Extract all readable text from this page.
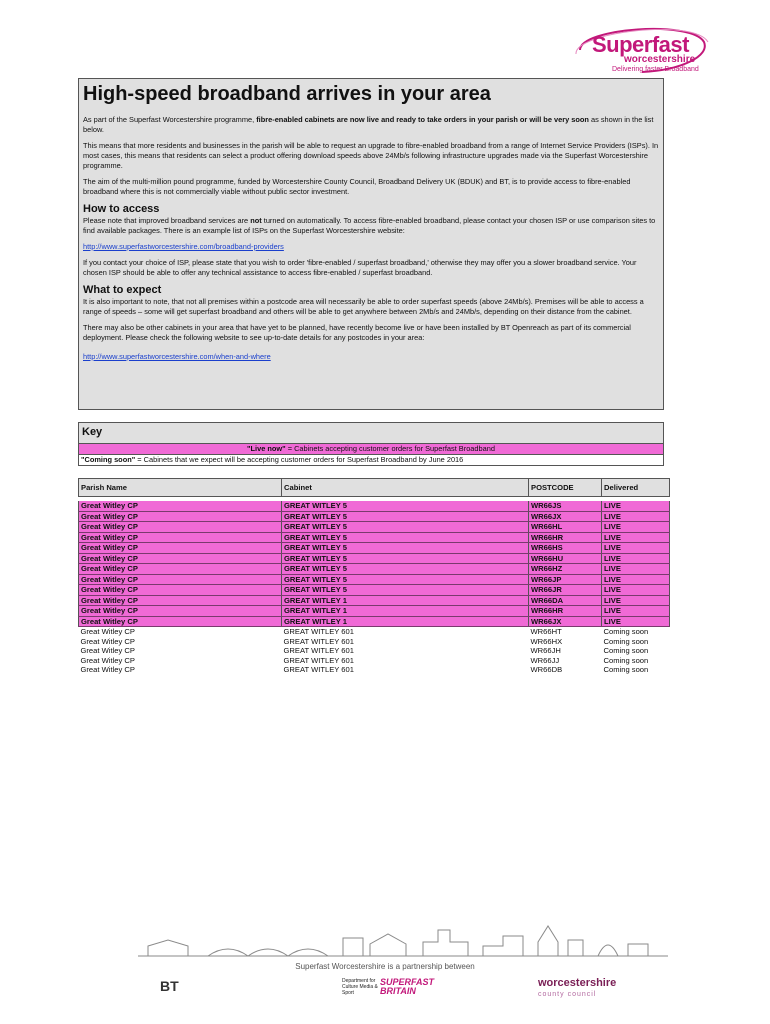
Superfast
worcestershire
Delivering faster Broadband
High-speed broadband arrives in your area

As part of the Superfast Worcestershire programme, fibre-enabled cabinets are now live and ready to take orders in your parish or will be very soon as shown in the list below.

This means that more residents and businesses in the parish will be able to request an upgrade to fibre-enabled broadband from a range of Internet Service Providers (ISPs). In most cases, this means that residents can select a product offering download speeds above 24Mb/s following infrastructure upgrades made via the Superfast Worcestershire programme.

The aim of the multi-million pound programme, funded by Worcestershire County Council, Broadband Delivery UK (BDUK) and BT, is to provide access to fibre-enabled broadband where this is not commercially viable without public sector investment.

How to access

Please note that improved broadband services are not turned on automatically. To access fibre-enabled broadband, please contact your chosen ISP or use comparison sites to find available packages. There is an example list of ISPs on the Superfast Worcestershire website:

http://www.superfastworcestershire.com/broadband-providers

If you contact your choice of ISP, please state that you wish to order 'fibre-enabled / superfast broadband,' otherwise they may offer you a slower broadband service. Your chosen ISP should be able to offer any technical assistance to access fibre-enabled / superfast broadband.

What to expect

It is also important to note, that not all premises within a postcode area will necessarily be able to order superfast speeds (above 24Mb/s). Premises will be able to access a range of speeds – some will get superfast broadband and others will be able to get anywhere between 2Mb/s and 24Mb/s, depending on their distance from the cabinet.

There may also be other cabinets in your area that have yet to be planned, have recently become live or have been installed by BT Openreach as part of its commercial deployment. Please check the following website to see up-to-date details for any postcodes in your area:

http://www.superfastworcestershire.com/when-and-where

Key
"Live now" = Cabinets accepting customer orders for Superfast Broadband
"Coming soon" = Cabinets that we expect will be accepting customer orders for Superfast Broadband by June 2016
Parish Name	Cabinet	POSTCODE	Delivered

Great Witley CP	GREAT WITLEY 5	WR66JS	LIVE
Great Witley CP	GREAT WITLEY 5	WR66JX	LIVE
Great Witley CP	GREAT WITLEY 5	WR66HL	LIVE
Great Witley CP	GREAT WITLEY 5	WR66HR	LIVE
Great Witley CP	GREAT WITLEY 5	WR66HS	LIVE
Great Witley CP	GREAT WITLEY 5	WR66HU	LIVE
Great Witley CP	GREAT WITLEY 5	WR66HZ	LIVE
Great Witley CP	GREAT WITLEY 5	WR66JP	LIVE
Great Witley CP	GREAT WITLEY 5	WR66JR	LIVE
Great Witley CP	GREAT WITLEY 1	WR66DA	LIVE
Great Witley CP	GREAT WITLEY 1	WR66HR	LIVE
Great Witley CP	GREAT WITLEY 1	WR66JX	LIVE
Great Witley CP	GREAT WITLEY 601	WR66HT	Coming soon
Great Witley CP	GREAT WITLEY 601	WR66HX	Coming soon
Great Witley CP	GREAT WITLEY 601	WR66JH	Coming soon
Great Witley CP	GREAT WITLEY 601	WR66JJ	Coming soon
Great Witley CP	GREAT WITLEY 601	WR66DB	Coming soon
Superfast Worcestershire is a partnership between
BT	Department for Culture Media & Sport
SUPERFAST
BRITAIN
worcestershire
county council
